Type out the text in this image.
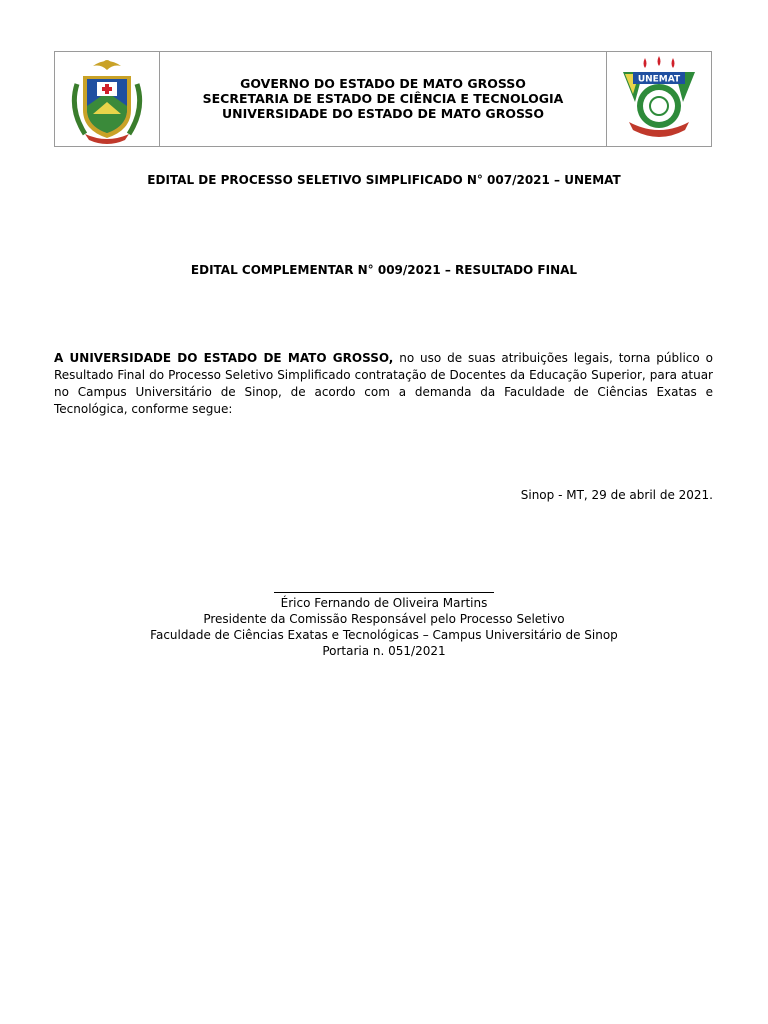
GOVERNO DO ESTADO DE MATO GROSSO
SECRETARIA DE ESTADO DE CIÊNCIA E TECNOLOGIA
UNIVERSIDADE DO ESTADO DE MATO GROSSO
UNEMAT
EDITAL DE PROCESSO SELETIVO SIMPLIFICADO N° 007/2021 – UNEMAT
EDITAL COMPLEMENTAR N° 009/2021 – RESULTADO FINAL
A UNIVERSIDADE DO ESTADO DE MATO GROSSO, no uso de suas atribuições legais, torna público o Resultado Final do Processo Seletivo Simplificado contratação de Docentes da Educação Superior, para atuar no Campus Universitário de Sinop, de acordo com a demanda da Faculdade de Ciências Exatas e Tecnológica, conforme segue:
Sinop - MT, 29 de abril de 2021.
Érico Fernando de Oliveira Martins
Presidente da Comissão Responsável pelo Processo Seletivo
Faculdade de Ciências Exatas e Tecnológicas – Campus Universitário de Sinop
Portaria n. 051/2021
